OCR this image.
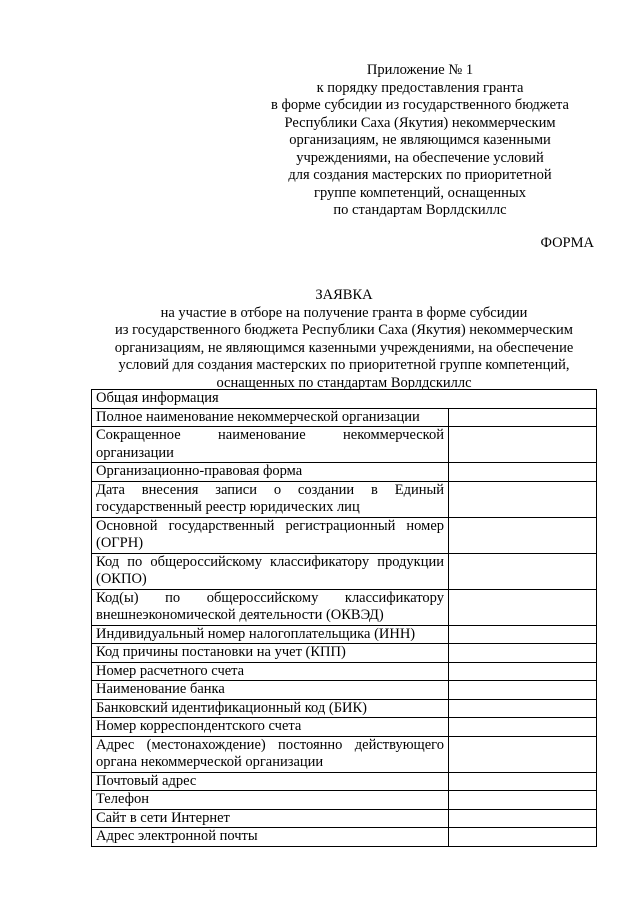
Приложение № 1
к порядку предоставления гранта
в форме субсидии из государственного бюджета
Республики Саха (Якутия) некоммерческим
организациям, не являющимся казенными
учреждениями, на обеспечение условий
для создания мастерских по приоритетной
группе компетенций, оснащенных
по стандартам Ворлдскиллс
ФОРМА
ЗАЯВКА
на участие в отборе на получение гранта в форме субсидии
из государственного бюджета Республики Саха (Якутия) некоммерческим
организациям, не являющимся казенными учреждениями, на обеспечение
условий для создания мастерских по приоритетной группе компетенций,
оснащенных по стандартам Ворлдскиллс
Общая информация	
Полное наименование некоммерческой организации	
Сокращенное наименование некоммерческой организации	
Организационно-правовая форма	
Дата внесения записи о создании в Единый государственный реестр юридических лиц	
Основной государственный регистрационный номер (ОГРН)	
Код по общероссийскому классификатору продукции (ОКПО)	
Код(ы) по общероссийскому классификатору внешнеэкономической деятельности (ОКВЭД)	
Индивидуальный номер налогоплательщика (ИНН)	
Код причины постановки на учет (КПП)	
Номер расчетного счета	
Наименование банка	
Банковский идентификационный код (БИК)	
Номер корреспондентского счета	
Адрес (местонахождение) постоянно действующего органа некоммерческой организации	
Почтовый адрес	
Телефон	
Сайт в сети Интернет	
Адрес электронной почты	
